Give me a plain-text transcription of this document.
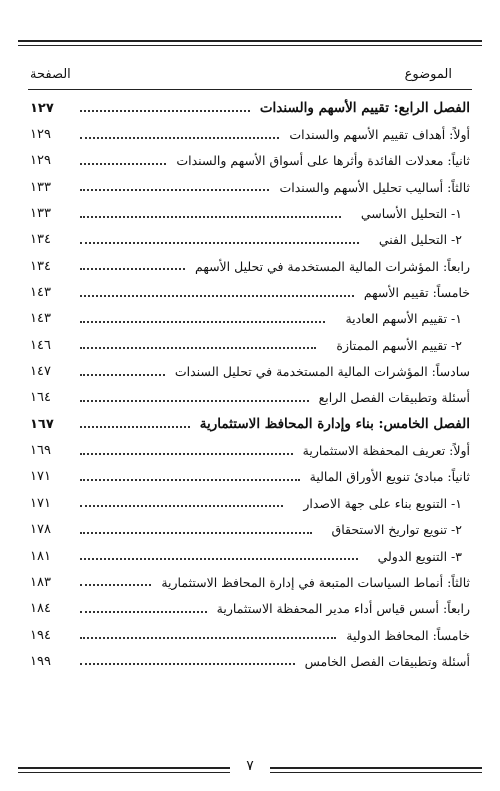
الموضوع
الصفحة
الفصل الرابع: تقييم الأسهم والسندات
١٢٧
أولاً: أهداف تقييم الأسهم والسندات
١٢٩
ثانياً: معدلات الفائدة وأثرها على أسواق الأسهم والسندات
١٢٩
ثالثاً: أساليب تحليل الأسهم والسندات
١٣٣
١- التحليل الأساسي
١٣٣
٢- التحليل الفني
١٣٤
رابعاً: المؤشرات المالية المستخدمة في تحليل الأسهم
١٣٤
خامساً: تقييم الأسهم
١٤٣
١- تقييم الأسهم العادية
١٤٣
٢- تقييم الأسهم الممتازة
١٤٦
سادساً: المؤشرات المالية المستخدمة في تحليل السندات
١٤٧
أسئلة وتطبيقات الفصل الرابع
١٦٤
الفصل الخامس: بناء وإدارة المحافظ الاستثمارية
١٦٧
أولاً: تعريف المحفظة الاستثمارية
١٦٩
ثانياً: مبادئ تنويع الأوراق المالية
١٧١
١- التنويع بناء على جهة الاصدار
١٧١
٢- تنويع تواريخ الاستحقاق
١٧٨
٣- التنويع الدولي
١٨١
ثالثاً: أنماط السياسات المتبعة في إدارة المحافظ الاستثمارية
١٨٣
رابعاً: أسس قياس أداء مدير المحفظة الاستثمارية
١٨٤
خامساً: المحافظ الدولية
١٩٤
أسئلة وتطبيقات الفصل الخامس
١٩٩
٧
